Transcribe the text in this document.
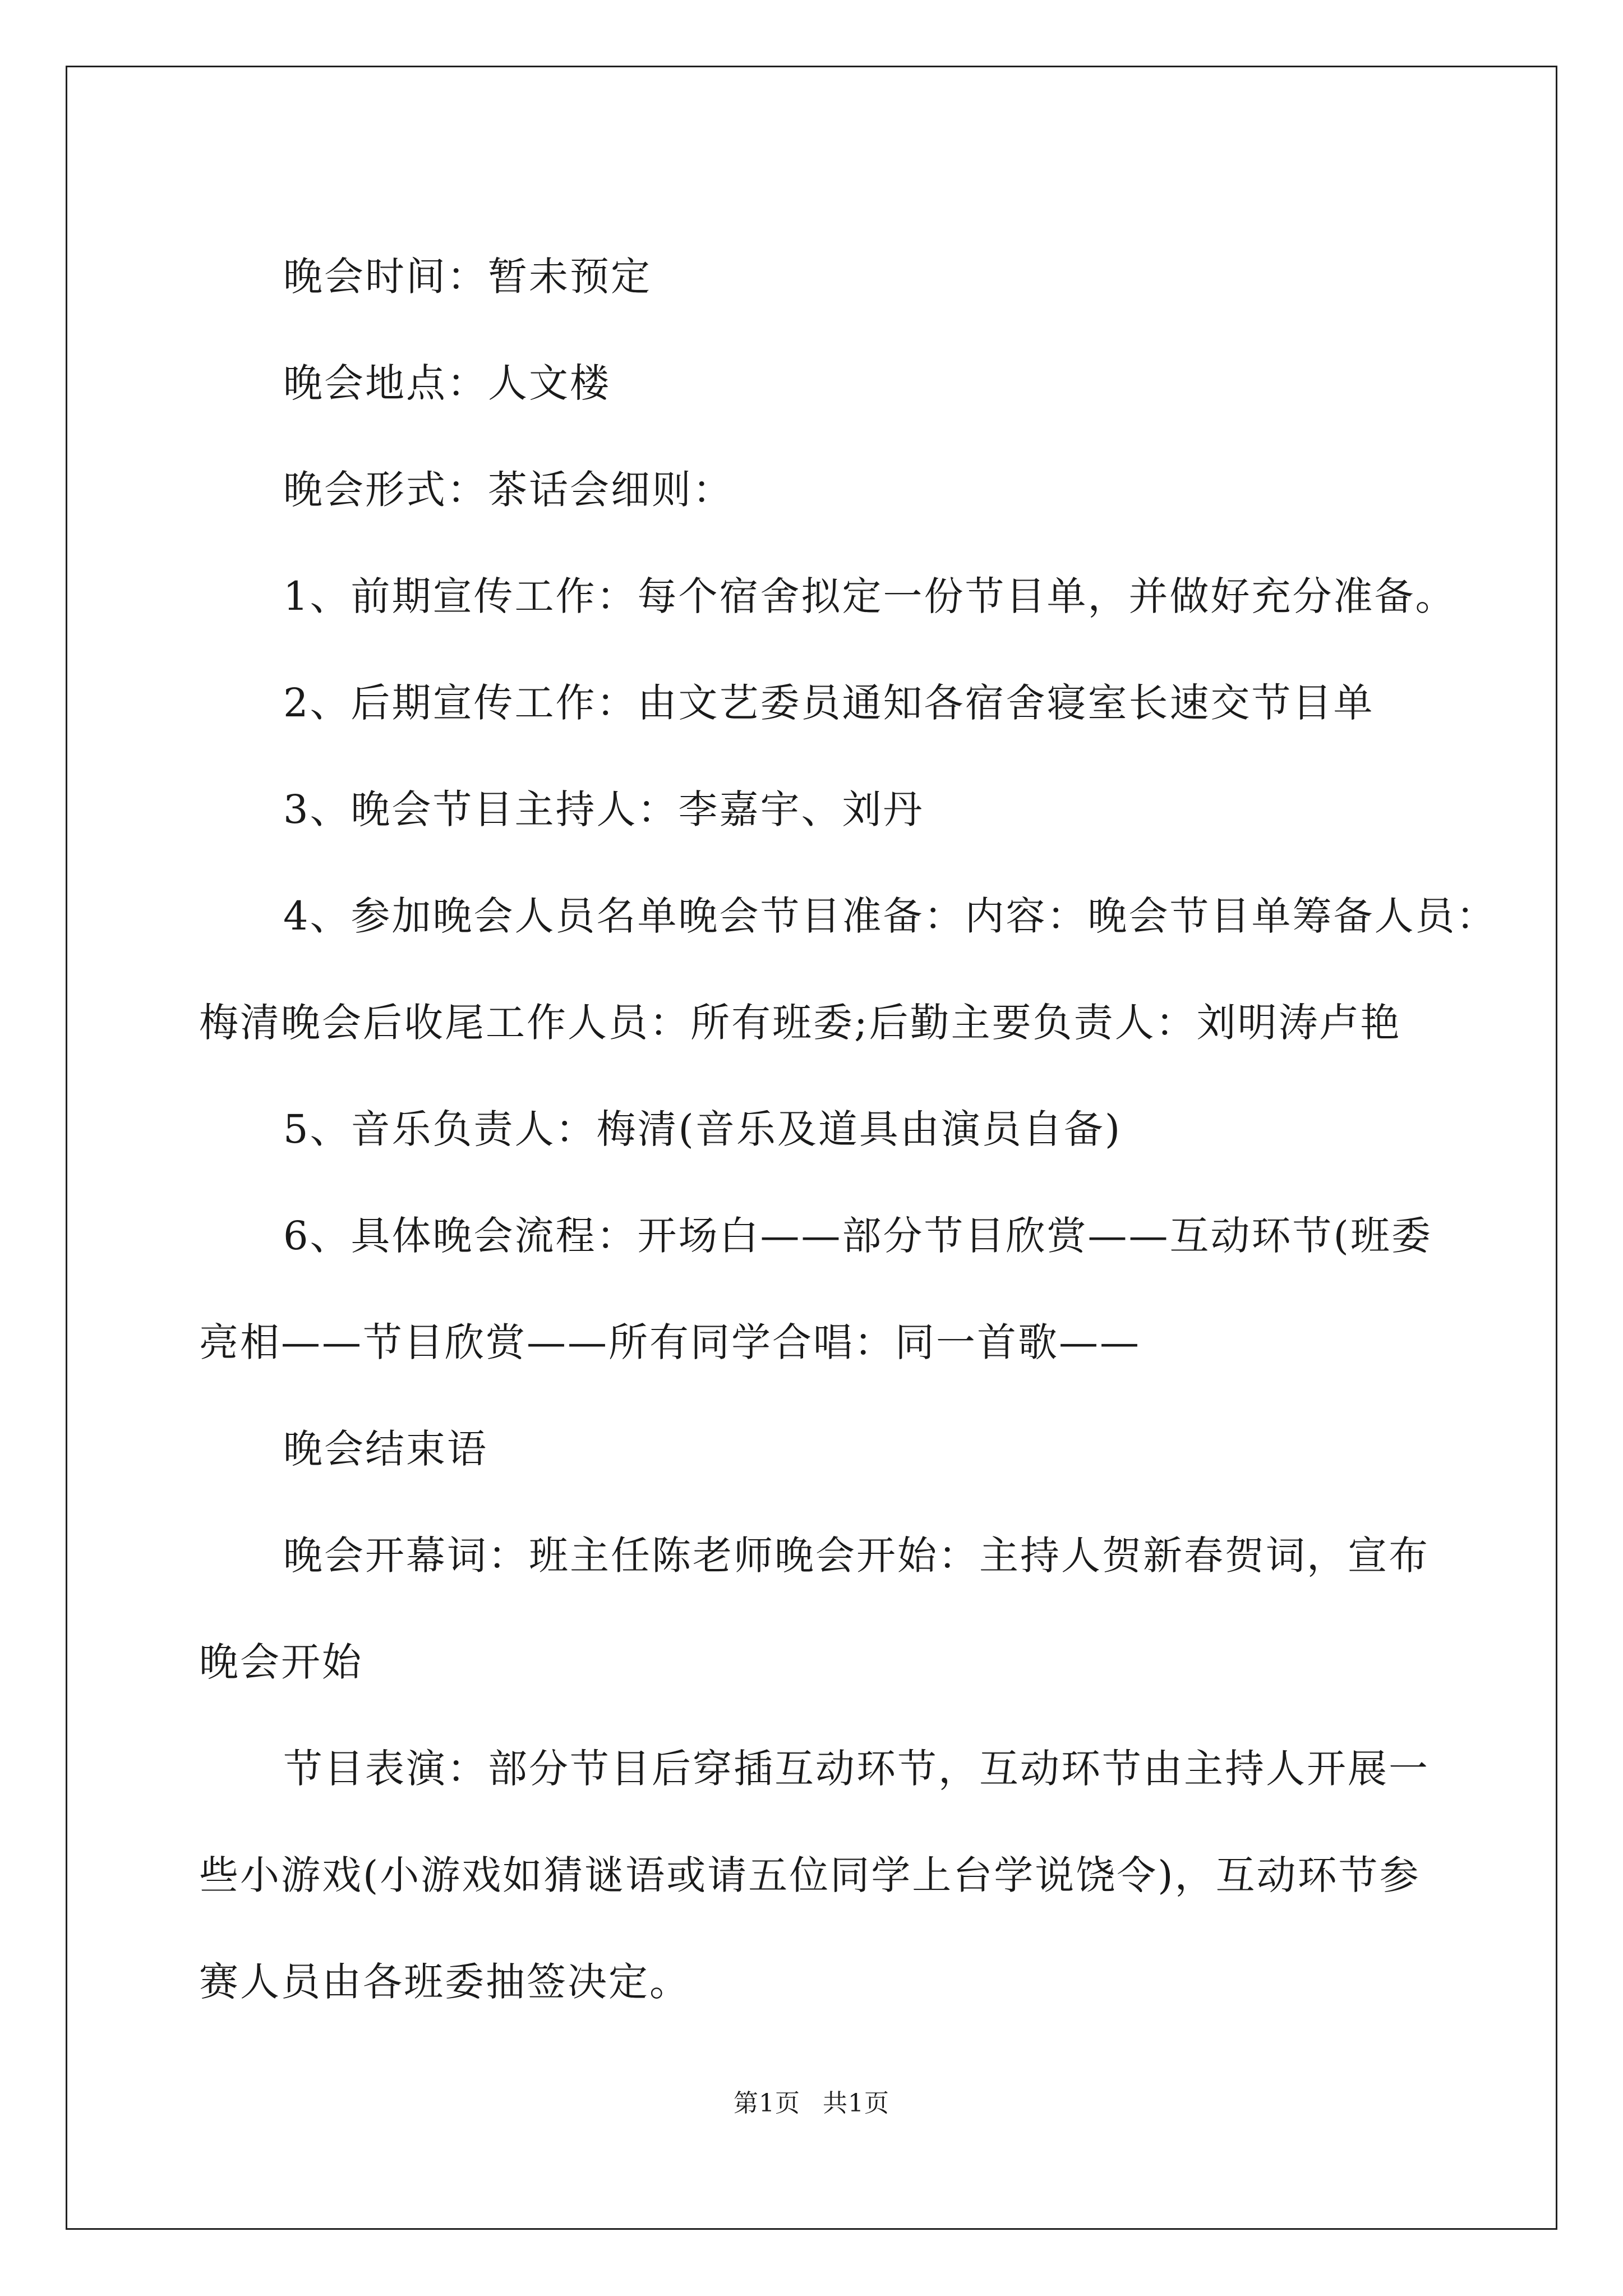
晚会时间：暂未预定

晚会地点：人文楼

晚会形式：茶话会细则：

1、前期宣传工作：每个宿舍拟定一份节目单，并做好充分准备。

2、后期宣传工作：由文艺委员通知各宿舍寝室长速交节目单

3、晚会节目主持人：李嘉宇、刘丹

4、参加晚会人员名单晚会节目准备：内容：晚会节目单筹备人员：
梅清晚会后收尾工作人员：所有班委;后勤主要负责人：刘明涛卢艳

5、音乐负责人：梅清(音乐及道具由演员自备)

6、具体晚会流程：开场白——部分节目欣赏——互动环节(班委
亮相——节目欣赏——所有同学合唱：同一首歌——

晚会结束语

晚会开幕词：班主任陈老师晚会开始：主持人贺新春贺词，宣布
晚会开始

节目表演：部分节目后穿插互动环节，互动环节由主持人开展一
些小游戏(小游戏如猜谜语或请五位同学上台学说饶令)，互动环节参
赛人员由各班委抽签决定。

第1页 共1页
